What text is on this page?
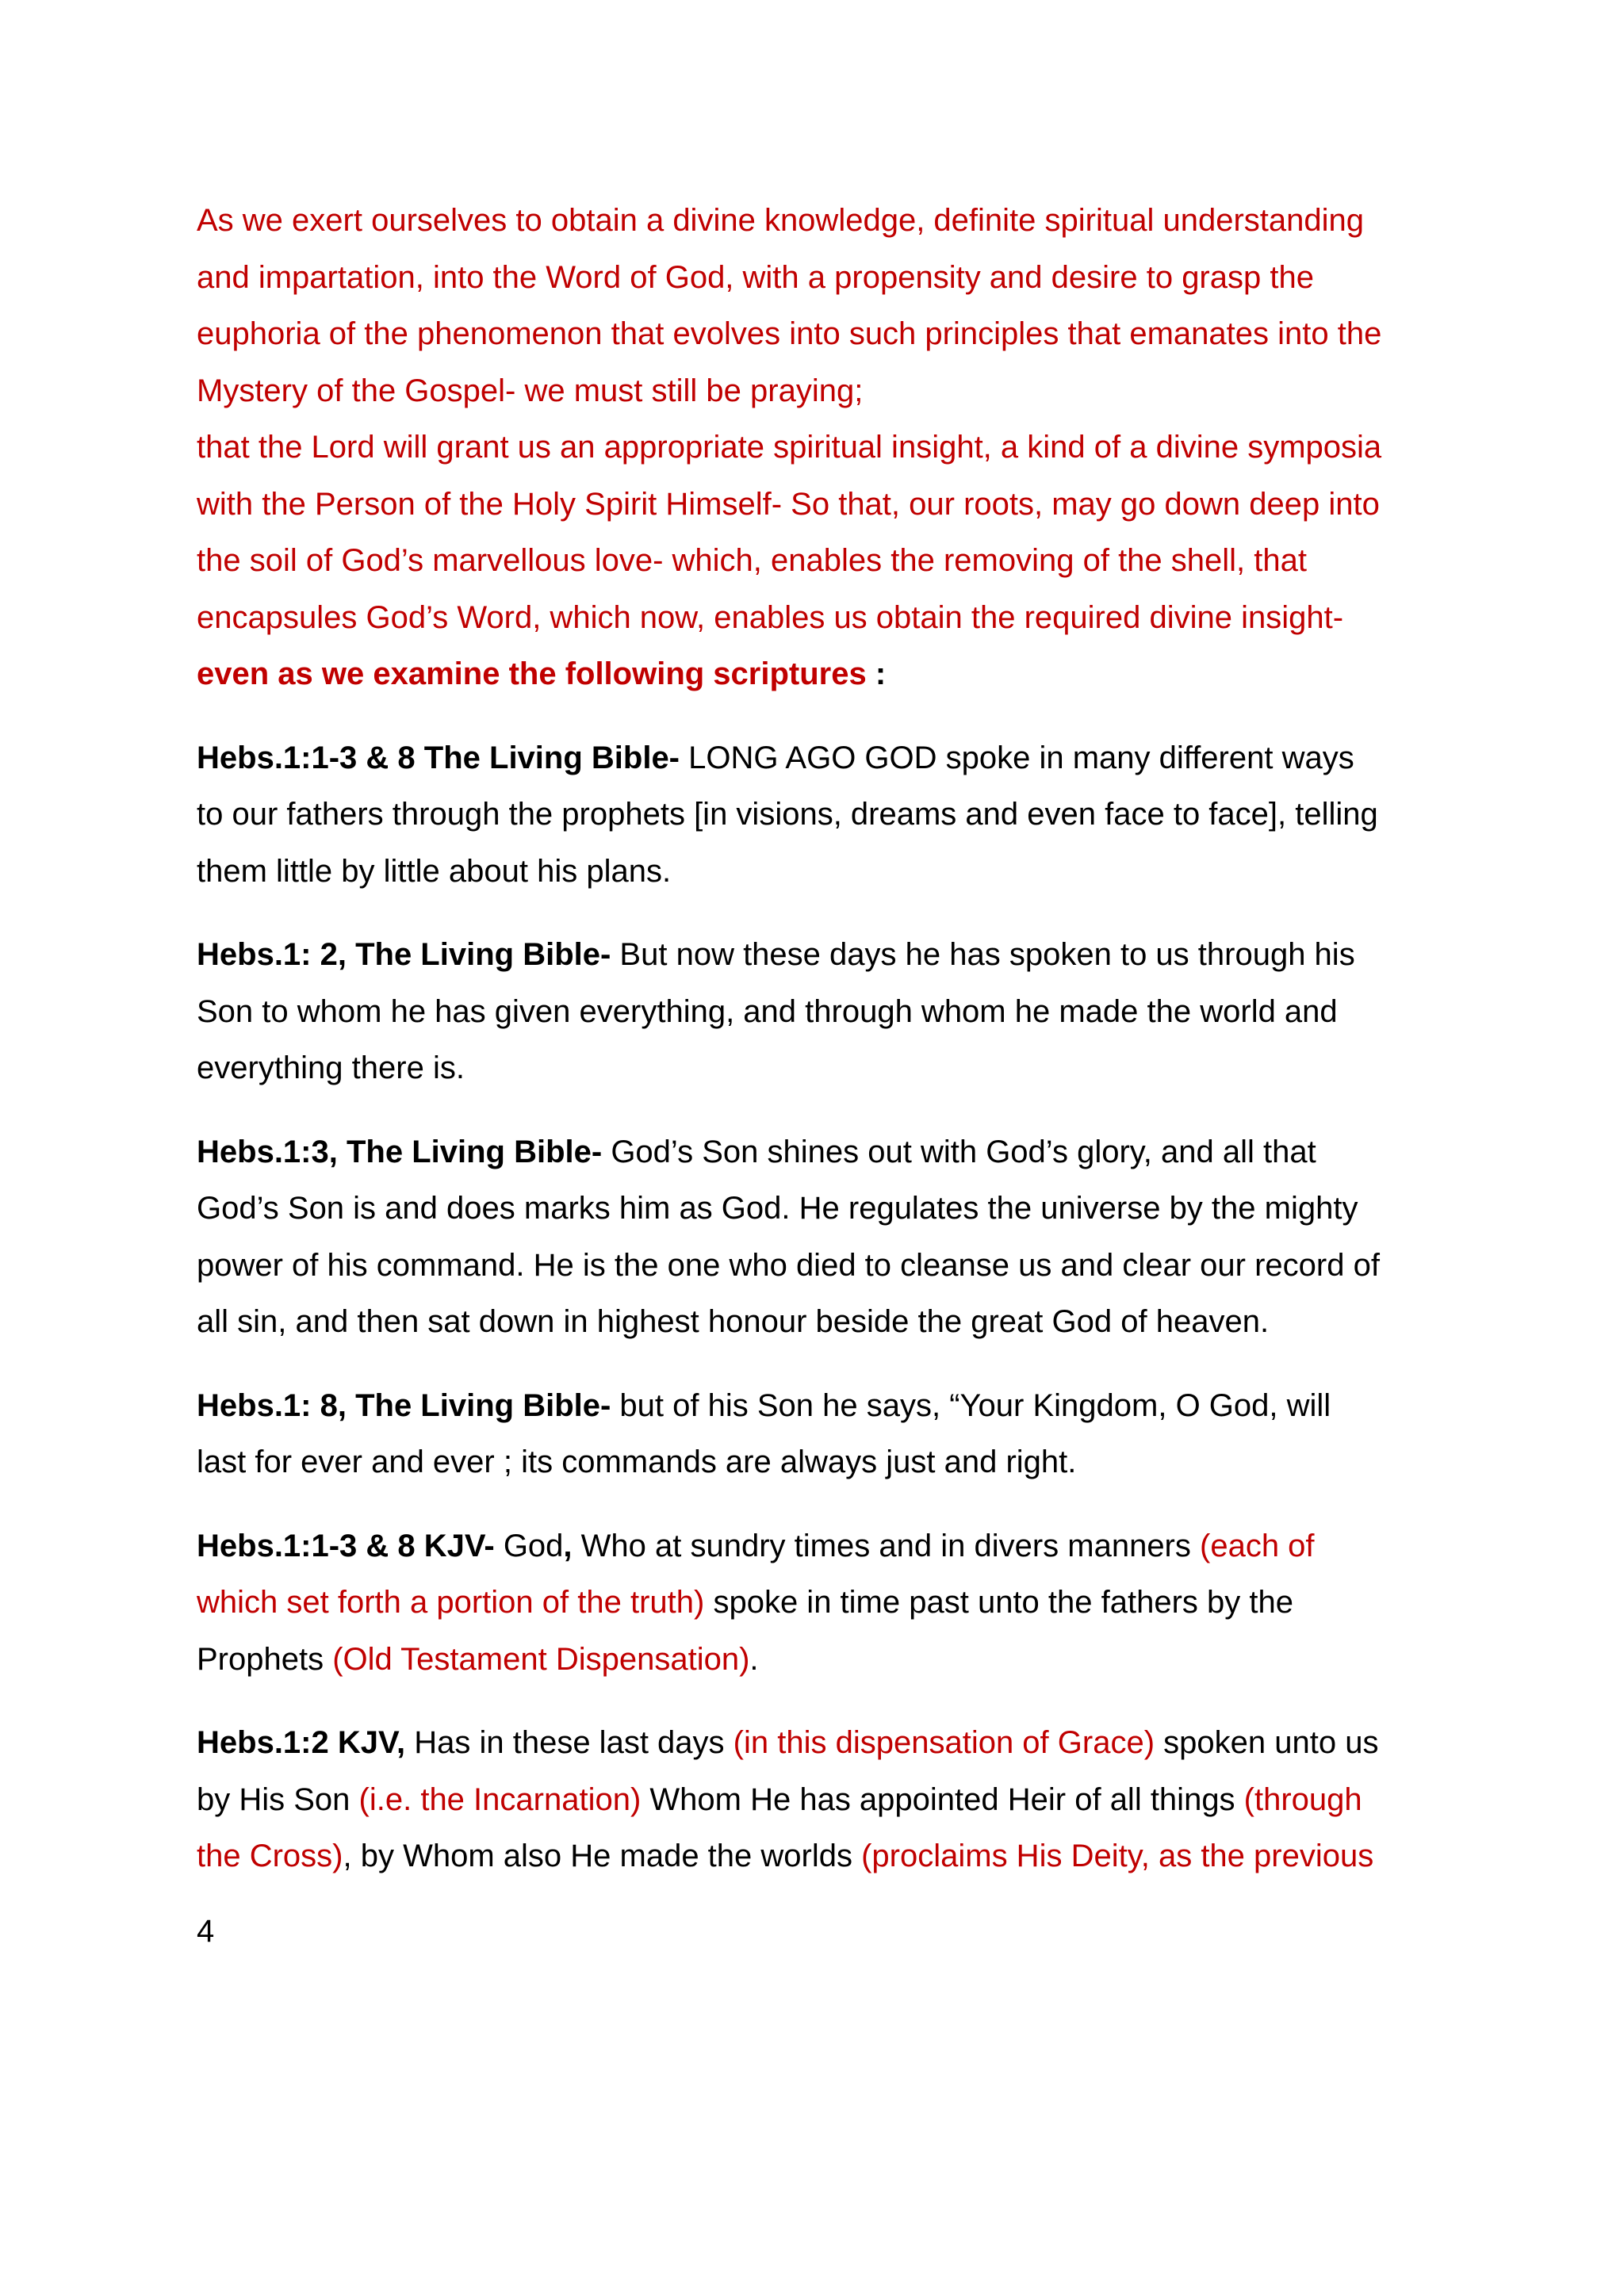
As we exert ourselves to obtain a divine knowledge, definite spiritual understanding
and impartation, into the Word of God, with a propensity and desire to grasp the
euphoria of the phenomenon that evolves into such principles that emanates into the
Mystery of the Gospel- we must still be praying;
that the Lord will grant us an appropriate spiritual insight, a kind of a divine symposia
with the Person of the Holy Spirit Himself- So that, our roots, may go down deep into
the soil of God’s marvellous love- which, enables the removing of the shell, that
encapsules God’s Word, which now, enables us obtain the required divine insight-
even as we examine the following scriptures :

Hebs.1:1-3 & 8 The Living Bible- LONG AGO GOD spoke in many different ways
to our fathers through the prophets [in visions, dreams and even face to face], telling
them little by little about his plans.

Hebs.1: 2, The Living Bible- But now these days he has spoken to us through his
Son to whom he has given everything, and through whom he made the world and
everything there is.

Hebs.1:3, The Living Bible- God’s Son shines out with God’s glory, and all that
God’s Son is and does marks him as God. He regulates the universe by the mighty
power of his command. He is the one who died to cleanse us and clear our record of
all sin, and then sat down in highest honour beside the great God of heaven.

Hebs.1: 8, The Living Bible- but of his Son he says, “Your Kingdom, O God, will
last for ever and ever ; its commands are always just and right.

Hebs.1:1-3 & 8 KJV- God, Who at sundry times and in divers manners (each of
which set forth a portion of the truth) spoke in time past unto the fathers by the
Prophets (Old Testament Dispensation).

Hebs.1:2 KJV, Has in these last days (in this dispensation of Grace) spoken unto us
by His Son (i.e. the Incarnation) Whom He has appointed Heir of all things (through
the Cross), by Whom also He made the worlds (proclaims His Deity, as the previous

4
